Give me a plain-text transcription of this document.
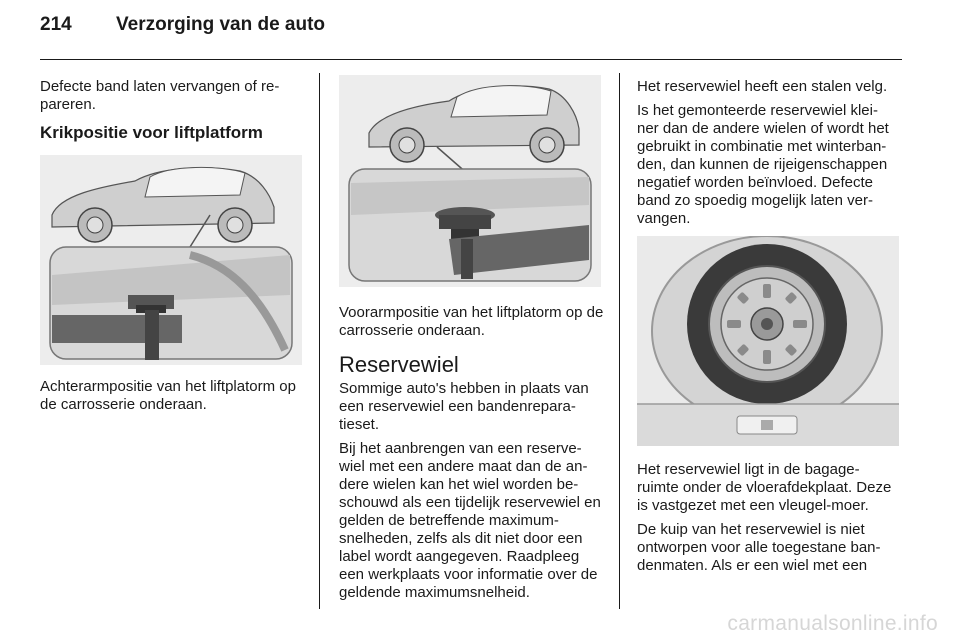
214 Verzorging van de auto

Defecte band laten vervangen of re-pareren.

Krikpositie voor liftplatform

Achterarmpositie van het liftplatorm op de carrosserie onderaan.

Voorarmpositie van het liftplatorm op de carrosserie onderaan.

Reservewiel

Sommige auto's hebben in plaats van een reservewiel een bandenrepara-tieset.

Bij het aanbrengen van een reserve-wiel met een andere maat dan de an-dere wielen kan het wiel worden be-schouwd als een tijdelijk reservewiel en gelden de betreffende maximum-snelheden, zelfs als dit niet door een label wordt aangegeven. Raadpleeg een werkplaats voor informatie over de geldende maximumsnelheid.

Het reservewiel heeft een stalen velg.

Is het gemonteerde reservewiel klei-ner dan de andere wielen of wordt het gebruikt in combinatie met winterban-den, dan kunnen de rijeigenschappen negatief worden beïnvloed. Defecte band zo spoedig mogelijk laten ver-vangen.

Het reservewiel ligt in de bagage-ruimte onder de vloerafdekplaat. Deze is vastgezet met een vleugel-moer.

De kuip van het reservewiel is niet ontworpen voor alle toegestane ban-denmaten. Als er een wiel met een

carmanualsonline.info
